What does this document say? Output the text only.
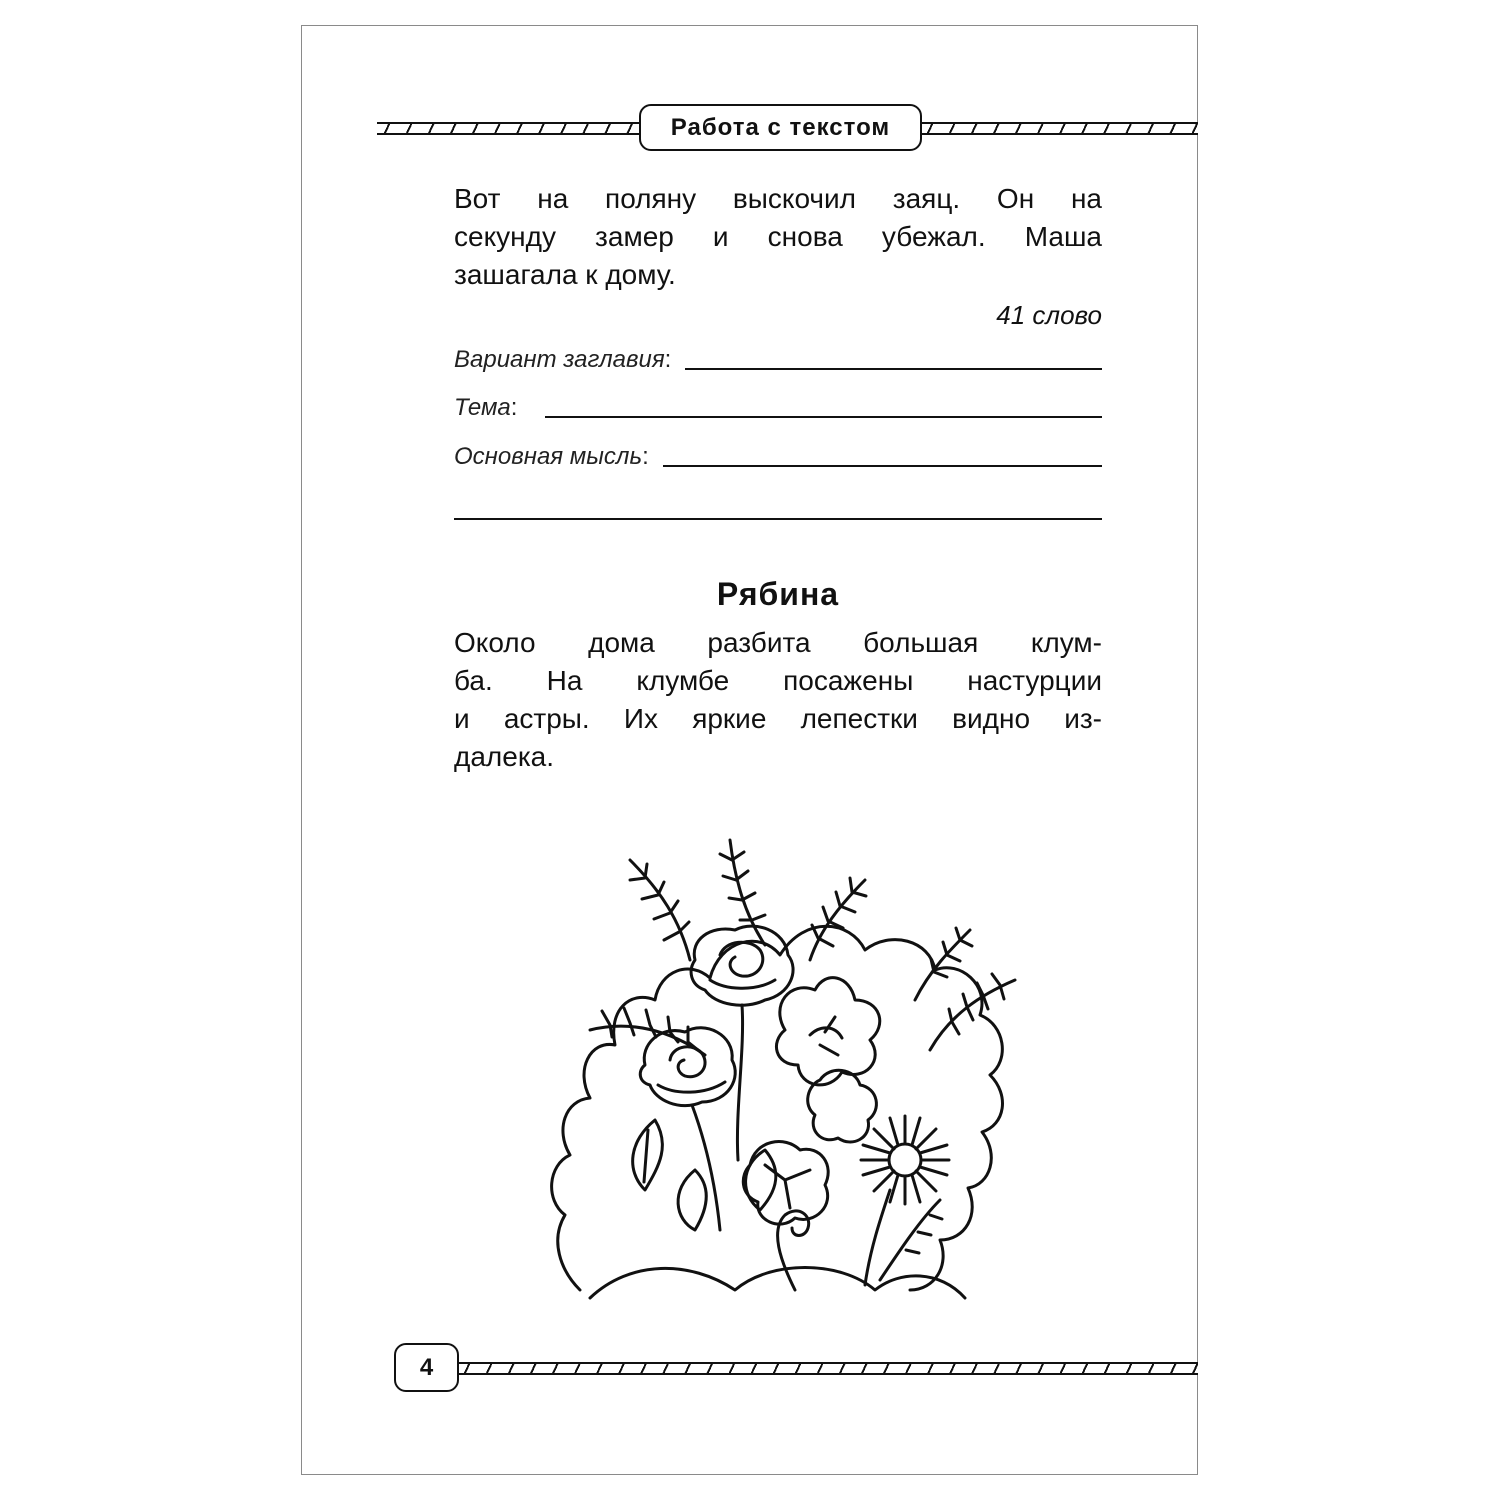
Работа с текстом
Вот на поляну выскочил заяц. Он на
секунду замер и снова убежал. Маша
зашагала к дому.
41 слово
Вариант заглавия :
Тема :
Основная мысль :
Рябина
Около дома разбита большая клум-
ба. На клумбе посажены настурции
и астры. Их яркие лепестки видно из-
далека.
4
